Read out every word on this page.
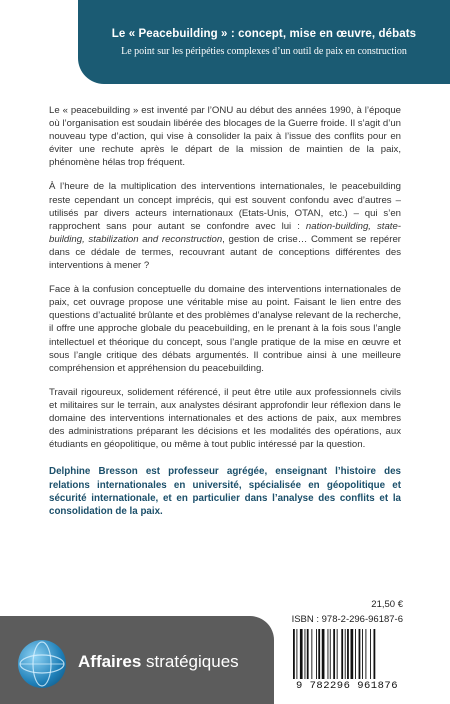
Le « Peacebuilding » : concept, mise en œuvre, débats
Le point sur les péripéties complexes d’un outil de paix en construction

Le « peacebuilding » est inventé par l’ONU au début des années 1990, à l’époque où l’organisation est soudain libérée des blocages de la Guerre froide. Il s’agit d’un nouveau type d’action, qui vise à consolider la paix à l’issue des conflits pour en éviter une rechute après le départ de la mission de maintien de la paix, phénomène hélas trop fréquent.

À l’heure de la multiplication des interventions internationales, le peacebuilding reste cependant un concept imprécis, qui est souvent confondu avec d’autres – utilisés par divers acteurs internationaux (Etats-Unis, OTAN, etc.) – qui s’en rapprochent sans pour autant se confondre avec lui : nation-building, state-building, stabilization and reconstruction, gestion de crise… Comment se repérer dans ce dédale de termes, recouvrant autant de conceptions différentes des interventions à mener ?

Face à la confusion conceptuelle du domaine des interventions internationales de paix, cet ouvrage propose une véritable mise au point. Faisant le lien entre des questions d’actualité brûlante et des problèmes d’analyse relevant de la recherche, il offre une approche globale du peacebuilding, en le prenant à la fois sous l’angle intellectuel et théorique du concept, sous l’angle pratique de la mise en œuvre et sous l’angle critique des débats argumentés. Il contribue ainsi à une meilleure compréhension et appréhension du peacebuilding.

Travail rigoureux, solidement référencé, il peut être utile aux professionnels civils et militaires sur le terrain, aux analystes désirant approfondir leur réflexion dans le domaine des interventions internationales et des actions de paix, aux membres des administrations préparant les décisions et les modalités des opérations, aux étudiants en géopolitique, ou même à tout public intéressé par la question.

Delphine Bresson est professeur agrégée, enseignant l’histoire des relations internationales en université, spécialisée en géopolitique et sécurité internationale, et en particulier dans l’analyse des conflits et la consolidation de la paix.
21,50 €
ISBN : 978-2-296-96187-6
9 782296 961876
Affaires stratégiques
